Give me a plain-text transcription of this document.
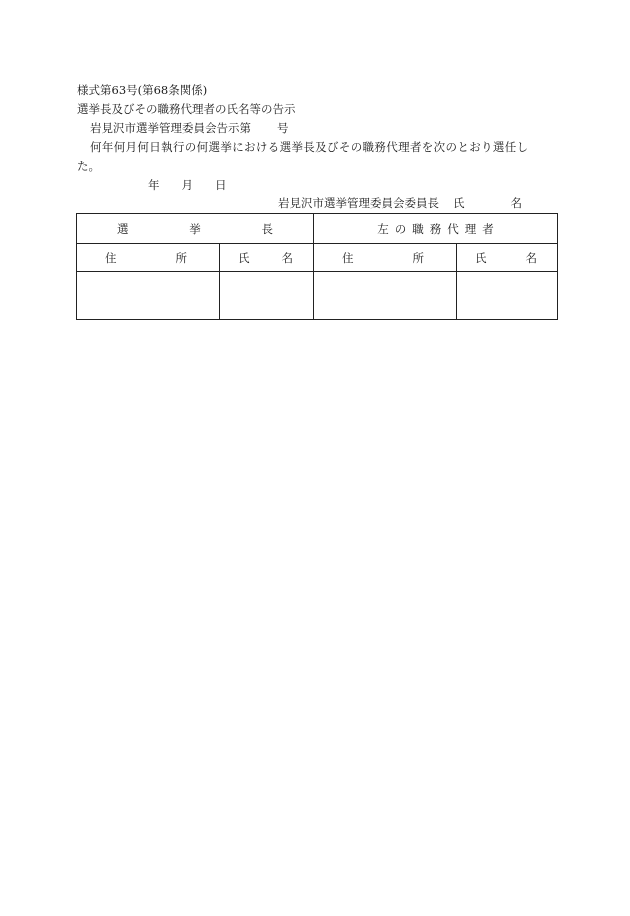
様式第63号(第68条関係)
選挙長及びその職務代理者の氏名等の告示
岩見沢市選挙管理委員会告示第 号
何年何月何日執行の何選挙における選挙長及びその職務代理者を次のとおり選任し
た。
年 月 日
岩見沢市選挙管理委員会委員長 氏	名
選 挙 長		左の職務代理者	

住 所	氏 名	住 所	氏 名
